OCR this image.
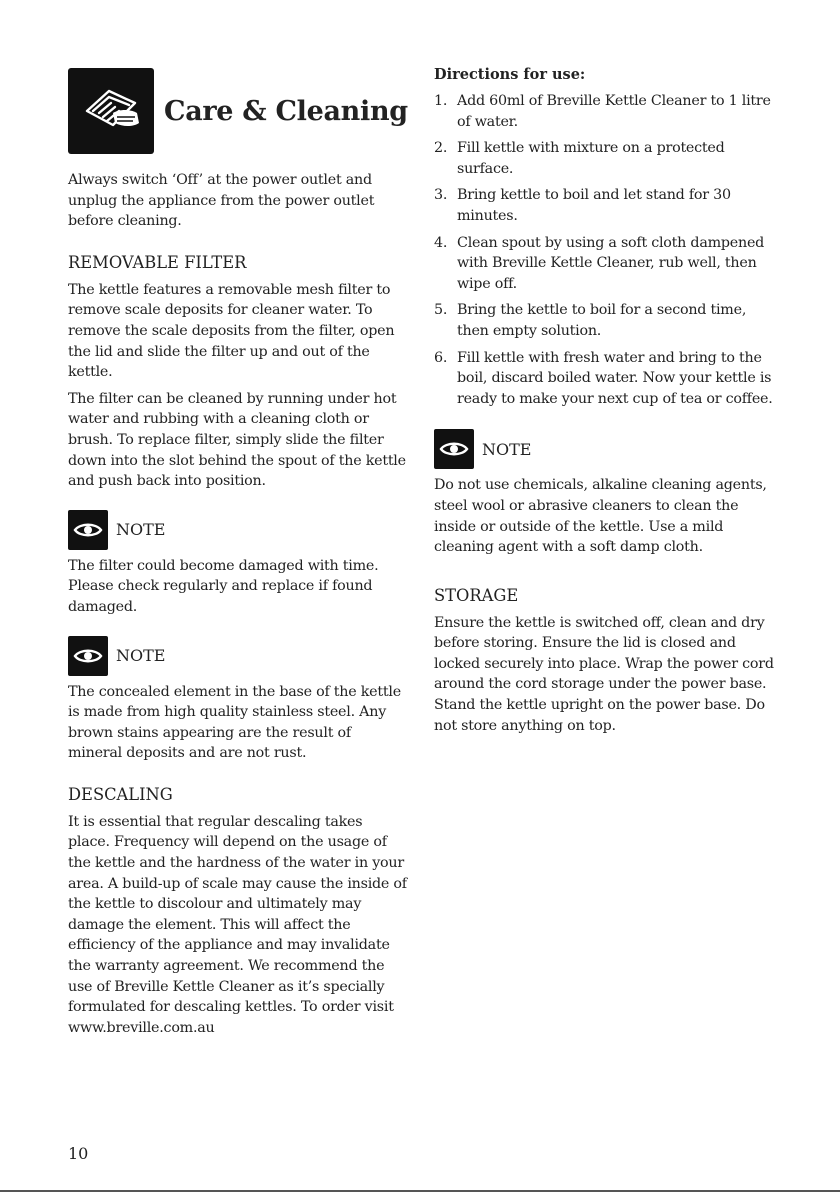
Care & Cleaning

Always switch ‘Off’ at the power outlet and unplug the appliance from the power outlet before cleaning.

REMOVABLE FILTER

The kettle features a removable mesh filter to remove scale deposits for cleaner water. To remove the scale deposits from the filter, open the lid and slide the filter up and out of the kettle.

The filter can be cleaned by running under hot water and rubbing with a cleaning cloth or brush. To replace filter, simply slide the filter down into the slot behind the spout of the kettle and push back into position.

NOTE

The filter could become damaged with time. Please check regularly and replace if found damaged.

NOTE

The concealed element in the base of the kettle is made from high quality stainless steel. Any brown stains appearing are the result of mineral deposits and are not rust.

DESCALING

It is essential that regular descaling takes place. Frequency will depend on the usage of the kettle and the hardness of the water in your area. A build-up of scale may cause the inside of the kettle to discolour and ultimately may damage the element. This will affect the efficiency of the appliance and may invalidate the warranty agreement. We recommend the use of Breville Kettle Cleaner as it’s specially formulated for descaling kettles. To order visit www.breville.com.au

Directions for use:
1. Add 60ml of Breville Kettle Cleaner to 1 litre of water.
2. Fill kettle with mixture on a protected surface.
3. Bring kettle to boil and let stand for 30 minutes.
4. Clean spout by using a soft cloth dampened with Breville Kettle Cleaner, rub well, then wipe off.
5. Bring the kettle to boil for a second time, then empty solution.
6. Fill kettle with fresh water and bring to the boil, discard boiled water. Now your kettle is ready to make your next cup of tea or coffee.
NOTE

Do not use chemicals, alkaline cleaning agents, steel wool or abrasive cleaners to clean the inside or outside of the kettle. Use a mild cleaning agent with a soft damp cloth.

STORAGE

Ensure the kettle is switched off, clean and dry before storing. Ensure the lid is closed and locked securely into place. Wrap the power cord around the cord storage under the power base. Stand the kettle upright on the power base. Do not store anything on top.

10
